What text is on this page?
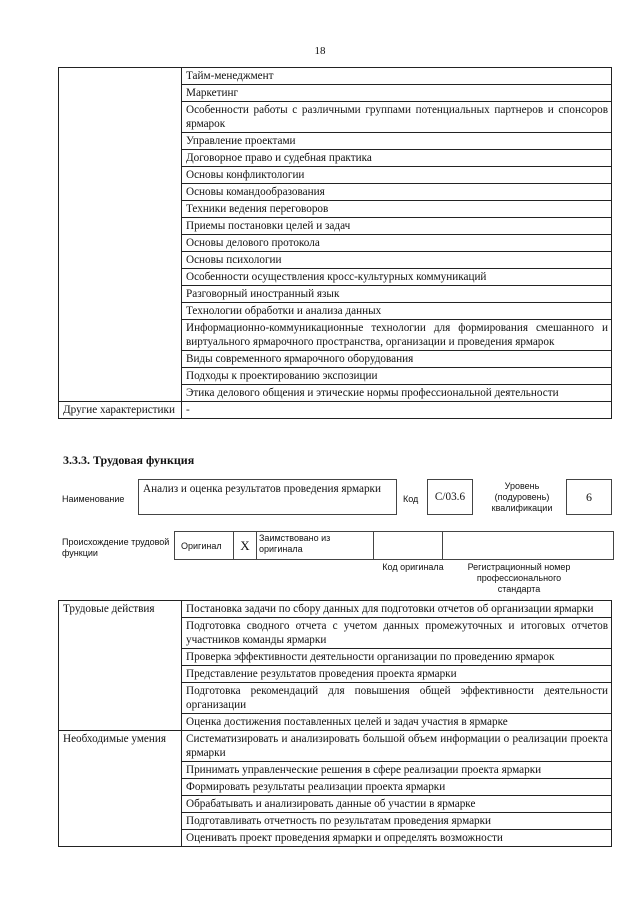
18
	Тайм-менеджмент
	Маркетинг
	Особенности работы с различными группами потенциальных партнеров и спонсоров ярмарок
	Управление проектами
	Договорное право и судебная практика
	Основы конфликтологии
	Основы командообразования
	Техники ведения переговоров
	Приемы постановки целей и задач
	Основы делового протокола
	Основы психологии
	Особенности осуществления кросс-культурных коммуникаций
	Разговорный иностранный язык
	Технологии обработки и анализа данных
	Информационно-коммуникационные технологии для формирования смешанного и виртуального ярмарочного пространства, организации и проведения ярмарок
	Виды современного ярмарочного оборудования
	Подходы к проектированию экспозиции
	Этика делового общения и этические нормы профессиональной деятельности
Другие характеристики	-
3.3.3. Трудовая функция
Наименование
Анализ и оценка результатов проведения ярмарки
Код	С/03.6
Уровень (подуровень) квалификации
6
Происхождение трудовой функции
Оригинал	X	Заимствовано из оригинала
Код оригинала	Регистрационный номер профессионального стандарта
Трудовые действия	Постановка задачи по сбору данных для подготовки отчетов об организации ярмарки
	Подготовка сводного отчета с учетом данных промежуточных и итоговых отчетов участников команды ярмарки
	Проверка эффективности деятельности организации по проведению ярмарок
	Представление результатов проведения проекта ярмарки
	Подготовка рекомендаций для повышения общей эффективности деятельности организации
	Оценка достижения поставленных целей и задач участия в ярмарке
Необходимые умения	Систематизировать и анализировать большой объем информации о реализации проекта ярмарки
	Принимать управленческие решения в сфере реализации проекта ярмарки
	Формировать результаты реализации проекта ярмарки
	Обрабатывать и анализировать данные об участии в ярмарке
	Подготавливать отчетность по результатам проведения ярмарки
	Оценивать проект проведения ярмарки и определять возможности
